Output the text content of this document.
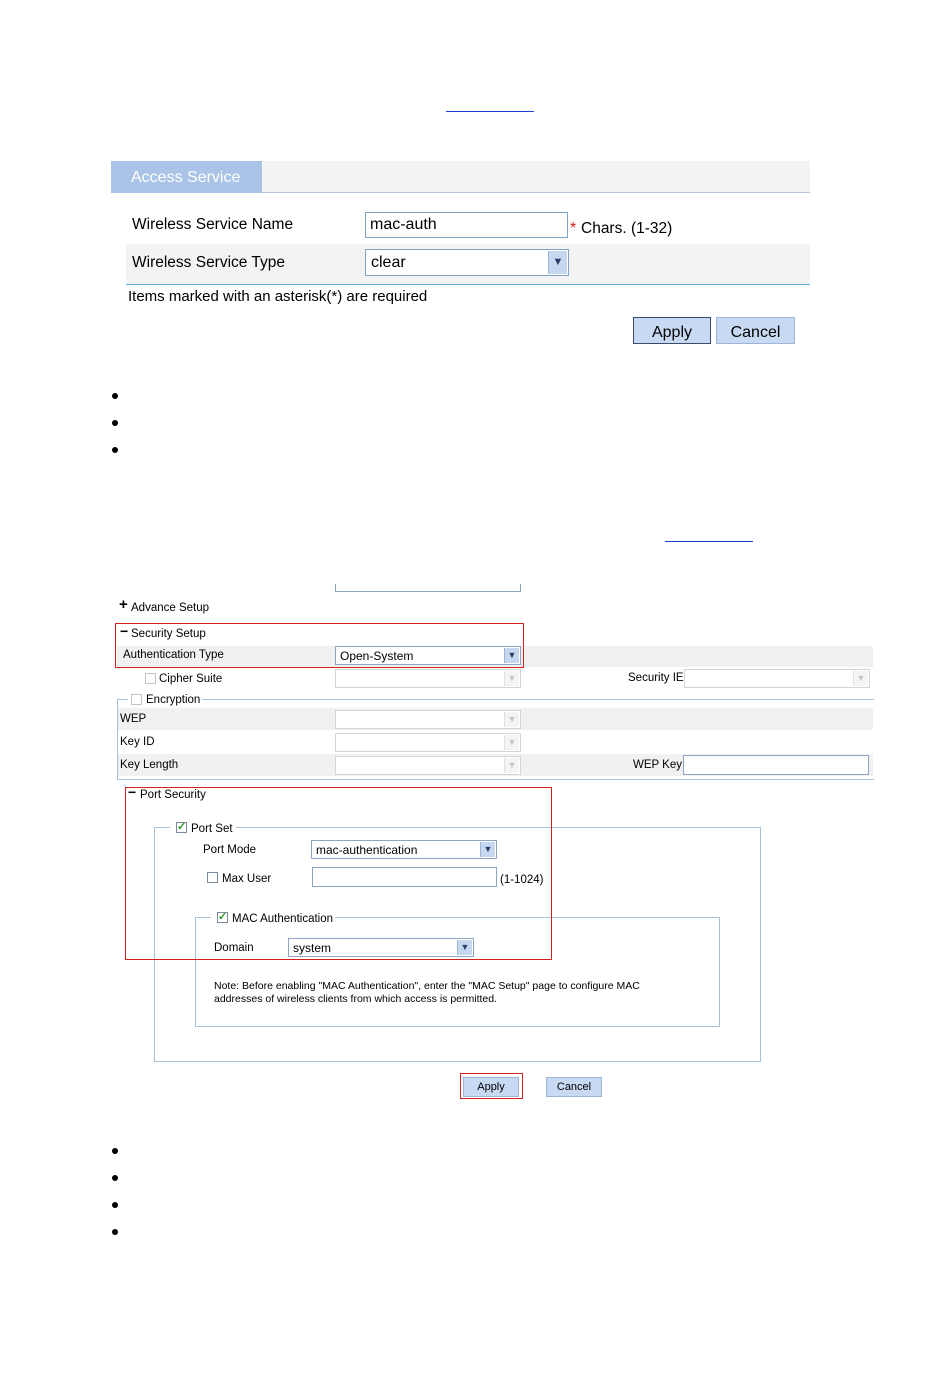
Access Service
Wireless Service Name	mac-auth	* Chars. (1-32)
Wireless Service Type	clear	▼
Items marked with an asterisk(*) are required
Apply	Cancel
+ Advance Setup
− Security Setup
Authentication Type	Open-System	▼
Cipher Suite	▼	Security IE	▼
Encryption
WEP	▼
Key ID	▼
Key Length	▼	WEP Key
− Port Security
✓ Port Set
Port Mode	mac-authentication	▼
Max User	(1-1024)
✓ MAC Authentication
Domain	system	▼
Note: Before enabling "MAC Authentication", enter the "MAC Setup" page to configure MAC
addresses of wireless clients from which access is permitted.
Apply	Cancel
